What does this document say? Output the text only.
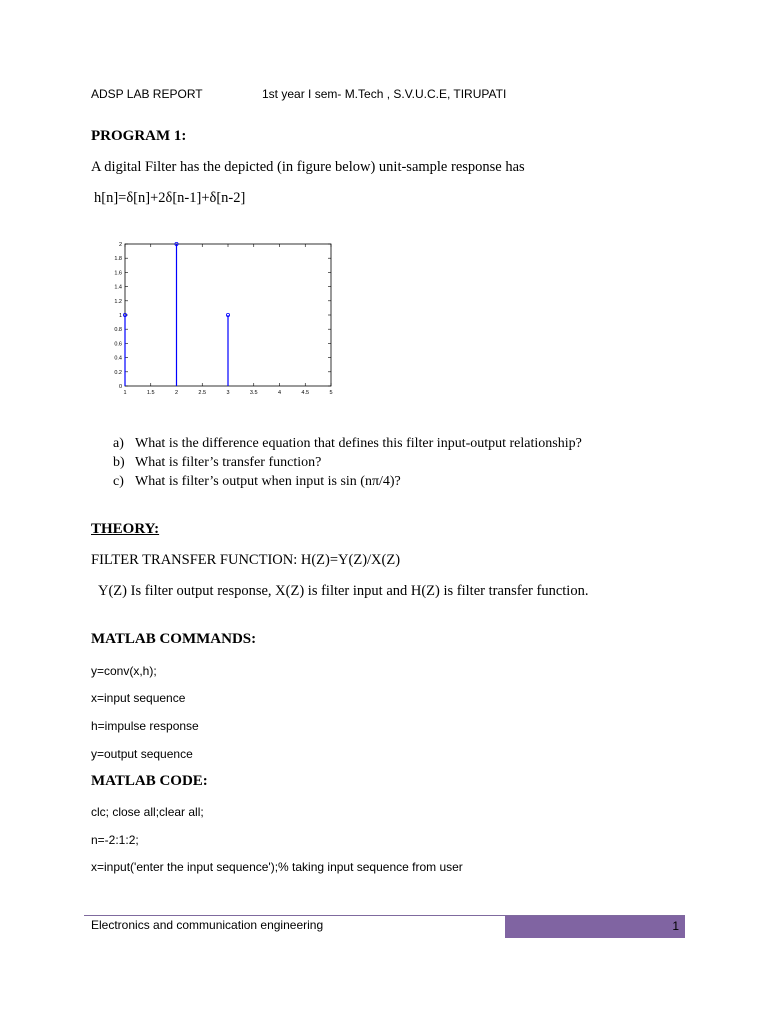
ADSP LAB REPORT	1st year I sem- M.Tech , S.V.U.C.E, TIRUPATI
PROGRAM 1:
A digital Filter has the depicted (in figure below) unit-sample response has
h[n]=δ[n]+2δ[n-1]+δ[n-2]
1	1.5	2	2.5	3	3.5	4	4.5	5
0
0.2
0.4
0.6
0.8
1
1.2
1.4
1.6
1.8
2
a) What is the difference equation that defines this filter input-output relationship?
b) What is filter’s transfer function?
c) What is filter’s output when input is sin (nπ/4)?
THEORY:
FILTER TRANSFER FUNCTION: H(Z)=Y(Z)/X(Z)
Y(Z) Is filter output response, X(Z) is filter input and H(Z) is filter transfer function.
MATLAB COMMANDS:
y=conv(x,h);
x=input sequence
h=impulse response
y=output sequence
MATLAB CODE:
clc; close all;clear all;
n=-2:1:2;
x=input('enter the input sequence');% taking input sequence from user
Electronics and communication engineering	1
